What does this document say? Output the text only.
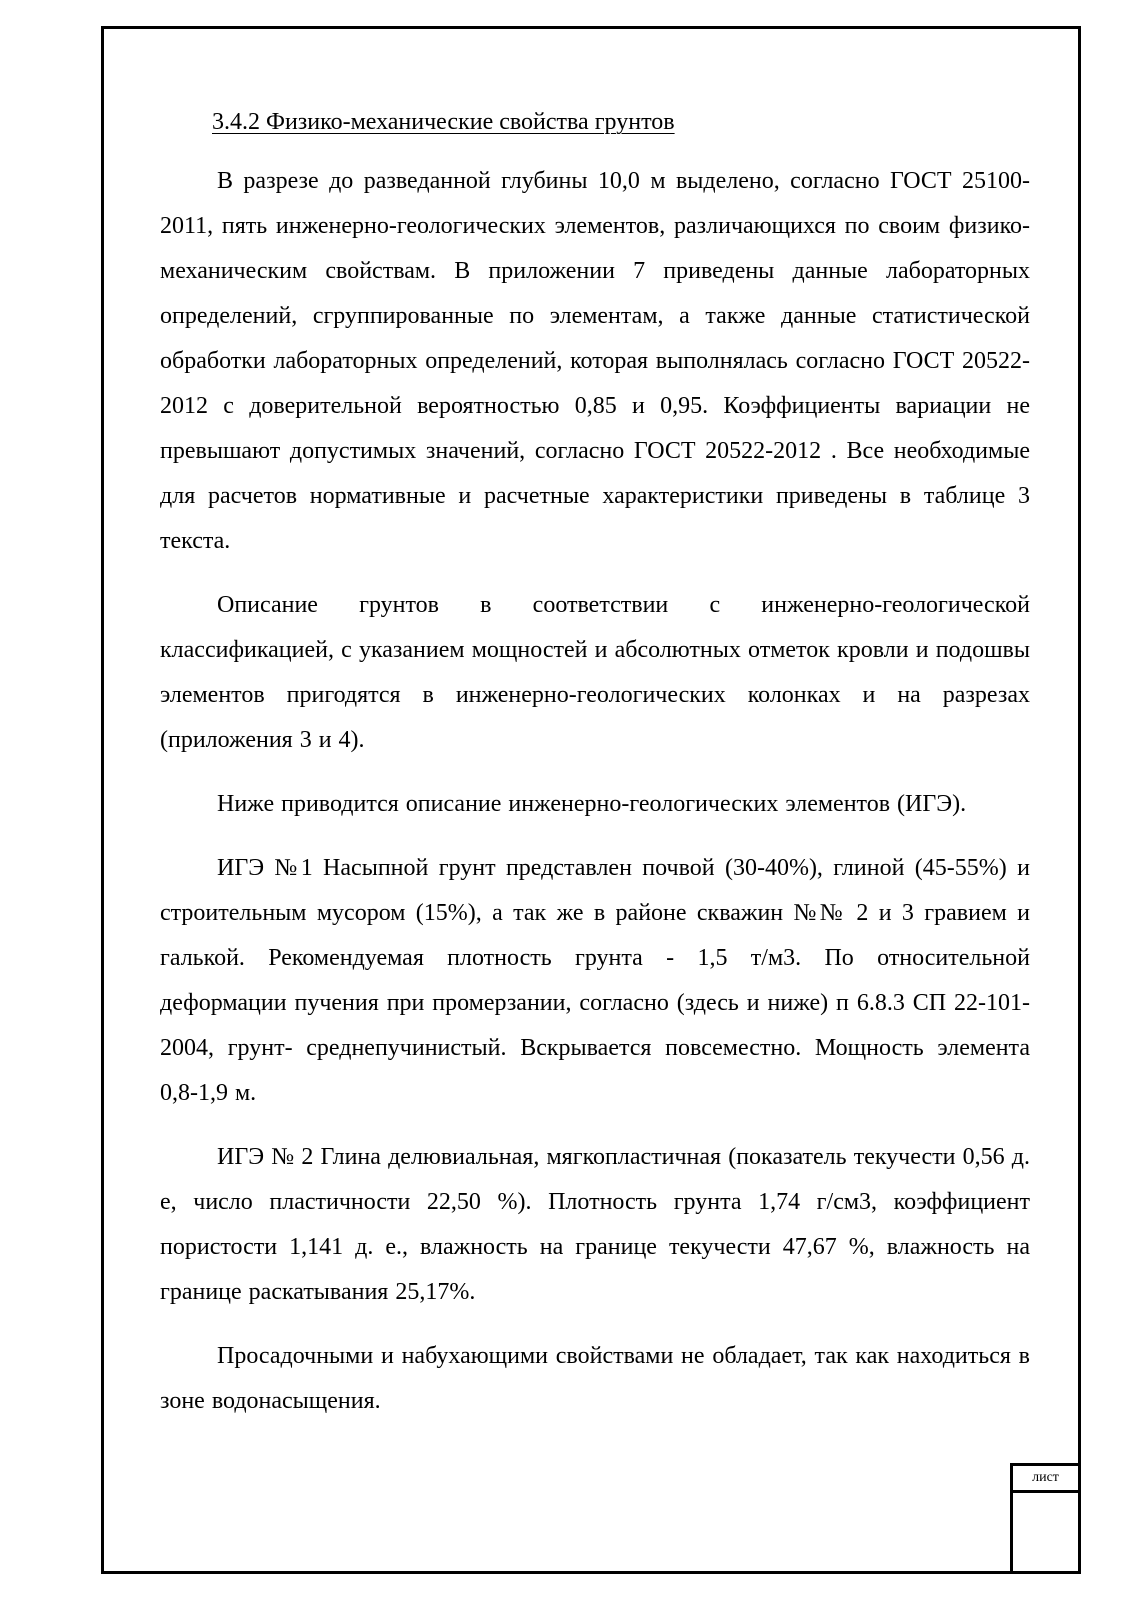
3.4.2 Физико-механические свойства грунтов

В разрезе до разведанной глубины 10,0 м выделено, согласно ГОСТ 25100-2011, пять инженерно-геологических элементов, различающихся по своим физико-механическим свойствам. В приложении 7 приведены данные лабораторных определений, сгруппированные по элементам, а также данные статистической обработки лабораторных определений, которая выполнялась согласно ГОСТ 20522-2012 с доверительной вероятностью 0,85 и 0,95. Коэффициенты вариации не превышают допустимых значений, согласно ГОСТ 20522-2012 . Все необходимые для расчетов нормативные и расчетные характеристики приведены в таблице 3 текста.

Описание грунтов в соответствии с инженерно-геологической классификацией, с указанием мощностей и абсолютных отметок кровли и подошвы элементов пригодятся в инженерно-геологических колонках и на разрезах (приложения 3 и 4).

Ниже приводится описание инженерно-геологических элементов (ИГЭ).

ИГЭ №1 Насыпной грунт представлен почвой (30-40%), глиной (45-55%) и строительным мусором (15%), а так же в районе скважин №№ 2 и 3 гравием и галькой. Рекомендуемая плотность грунта - 1,5 т/м3. По относительной деформации пучения при промерзании, согласно (здесь и ниже) п 6.8.3 СП 22-101-2004, грунт- среднепучинистый. Вскрывается повсеместно. Мощность элемента 0,8-1,9 м.

ИГЭ № 2 Глина делювиальная, мягкопластичная (показатель текучести 0,56 д. е, число пластичности 22,50 %). Плотность грунта 1,74 г/см3, коэффициент пористости 1,141 д. е., влажность на границе текучести 47,67 %, влажность на границе раскатывания 25,17%.

Просадочными и набухающими свойствами не обладает, так как находиться в зоне водонасыщения.

лист
